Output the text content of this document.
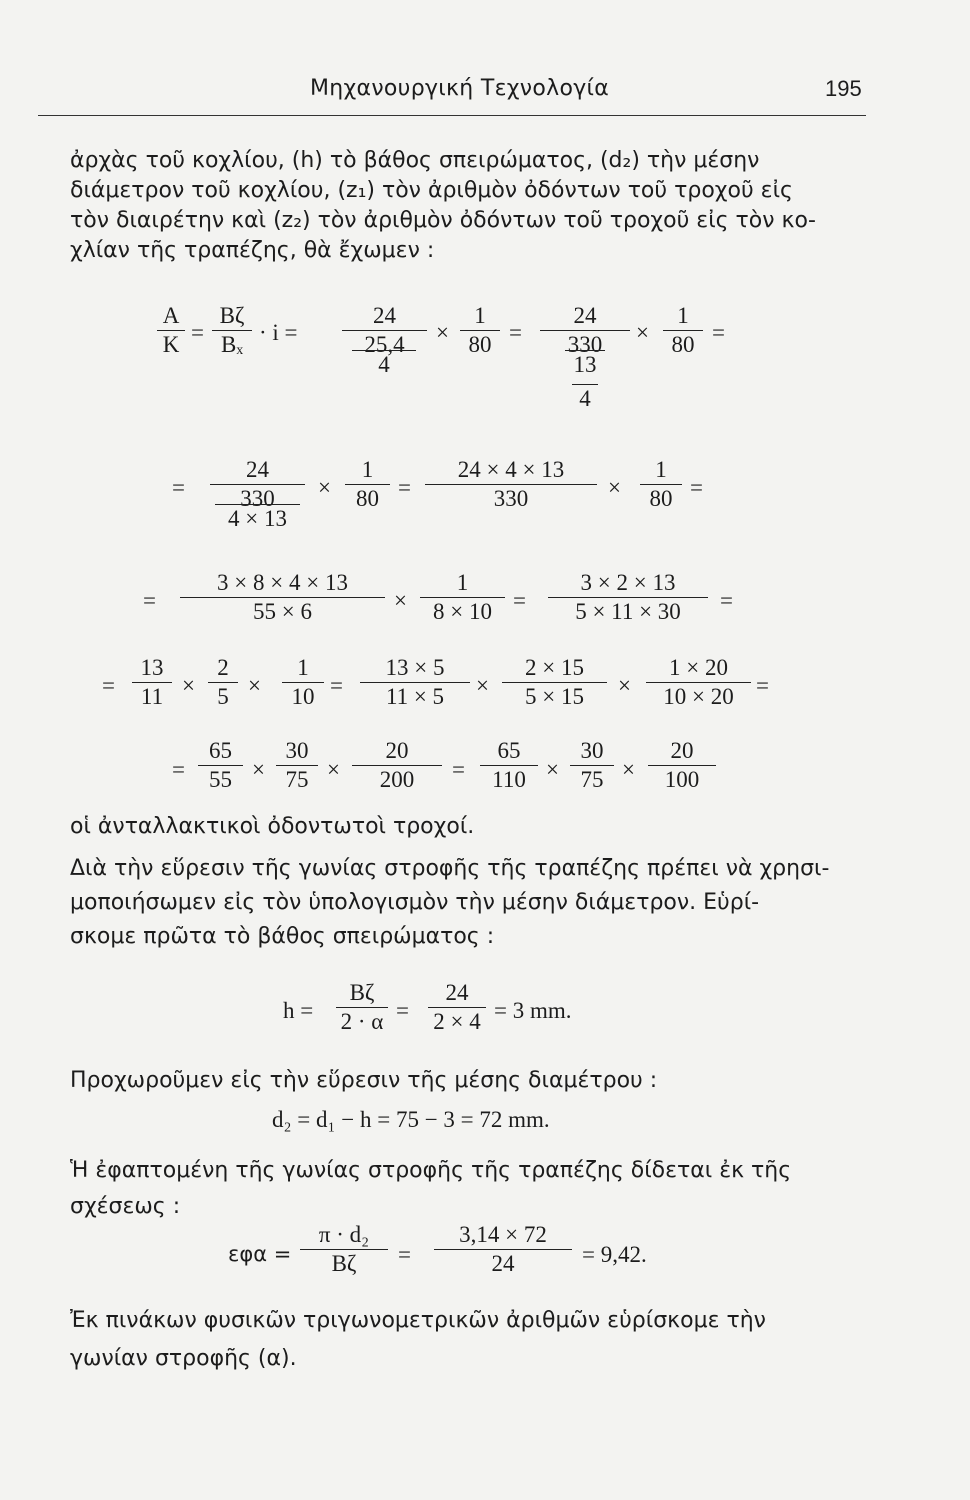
Μηχανουργική Τεχνολογία	195
ἀρχὰς τοῦ κοχλίου, (h) τὸ βάθος σπειρώματος, (d₂) τὴν μέσην
διάμετρον τοῦ κοχλίου, (z₁) τὸν ἀριθμὸν ὀδόντων τοῦ τροχοῦ εἰς
τὸν διαιρέτην καὶ (z₂) τὸν ἀριθμὸν ὀδόντων τοῦ τροχοῦ εἰς τὸν κο-
χλίαν τῆς τραπέζης, θὰ ἔχωμεν :
A
K =
Bζ
Bₓ · i =
24
25,4
4
×
1
80 =
24
330
13
4
×
1
80 =
=
24
330
4 × 13
×
1
80 =
24 × 4 × 13
330	×
1
80 =
=
3 × 8 × 4 × 13
55 × 6	×
1
8 × 10 =
3 × 2 × 13
5 × 11 × 30	=
=
13
11 ×
2
5 ×
1
10 =
13 × 5
11 × 5	×
2 × 15
5 × 15	×
1 × 20
10 × 20 =
=
65
55 ×
30
75 ×
20
200	=
65
110 ×
30
75 ×
20
100
οἱ ἀνταλλακτικοὶ ὀδοντωτοὶ τροχοί.
Διὰ τὴν εὕρεσιν τῆς γωνίας στροφῆς τῆς τραπέζης πρέπει νὰ χρησι-
μοποιήσωμεν εἰς τὸν ὑπολογισμὸν τὴν μέσην διάμετρον. Εὑρί-
σκομε πρῶτα τὸ βάθος σπειρώματος :
h =
Bζ
2 · α =
24
2 × 4 = 3 mm.
Προχωροῦμεν εἰς τὴν εὕρεσιν τῆς μέσης διαμέτρου :
d₂ = d₁ − h = 75 − 3 = 72 mm.
Ἡ ἐφαπτομένη τῆς γωνίας στροφῆς τῆς τραπέζης δίδεται ἐκ τῆς
σχέσεως :
εφα =
π · d₂
Bζ	=
3,14 × 72
24	= 9,42.
Ἐκ πινάκων φυσικῶν τριγωνομετρικῶν ἀριθμῶν εὑρίσκομε τὴν
γωνίαν στροφῆς (α).
